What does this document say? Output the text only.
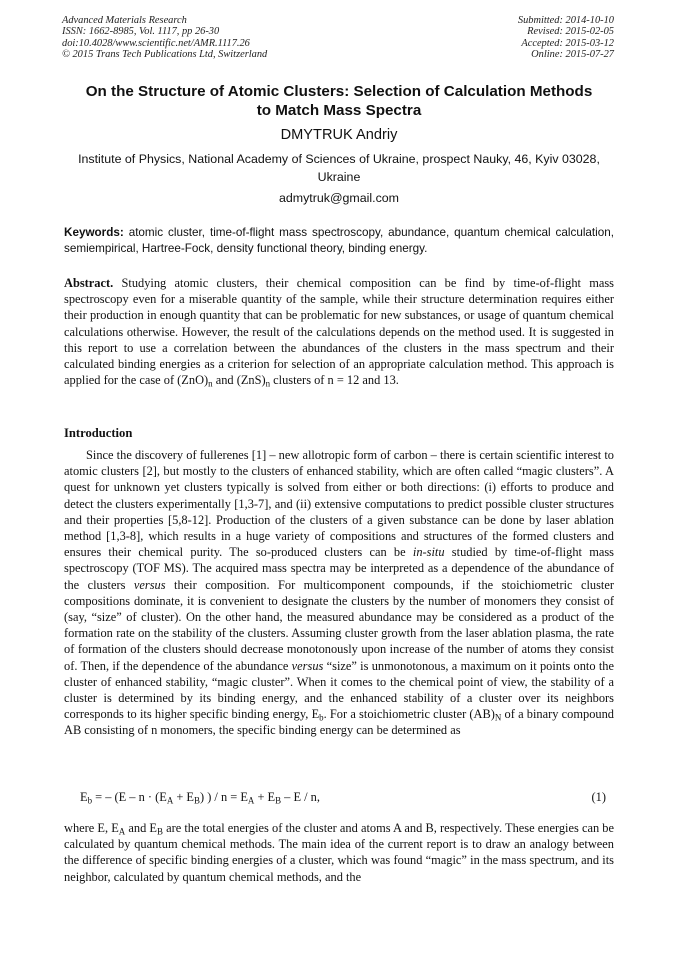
Advanced Materials Research
ISSN: 1662-8985, Vol. 1117, pp 26-30
doi:10.4028/www.scientific.net/AMR.1117.26
© 2015 Trans Tech Publications Ltd, Switzerland
Submitted: 2014-10-10
Revised: 2015-02-05
Accepted: 2015-03-12
Online: 2015-07-27
On the Structure of Atomic Clusters: Selection of Calculation Methods
to Match Mass Spectra
DMYTRUK Andriy
Institute of Physics, National Academy of Sciences of Ukraine, prospect Nauky, 46, Kyiv 03028, Ukraine
admytruk@gmail.com
Keywords: atomic cluster, time-of-flight mass spectroscopy, abundance, quantum chemical calculation, semiempirical, Hartree-Fock, density functional theory, binding energy.
Abstract. Studying atomic clusters, their chemical composition can be find by time-of-flight mass spectroscopy even for a miserable quantity of the sample, while their structure determination requires either their production in enough quantity that can be problematic for new substances, or usage of quantum chemical calculations otherwise. However, the result of the calculations depends on the method used. It is suggested in this report to use a correlation between the abundances of the clusters in the mass spectrum and their calculated binding energies as a criterion for selection of an appropriate calculation method. This approach is applied for the case of $(ZnO)_n$ and $(ZnS)_n$ clusters of n = 12 and 13.
Introduction
Since the discovery of fullerenes [1] – new allotropic form of carbon – there is certain scientific interest to atomic clusters [2], but mostly to the clusters of enhanced stability, which are often called “magic clusters”. A quest for unknown yet clusters typically is solved from either or both directions: (i) efforts to produce and detect the clusters experimentally [1,3-7], and (ii) extensive computations to predict possible cluster structures and their properties [5,8-12]. Production of the clusters of a given substance can be done by laser ablation method [1,3-8], which results in a huge variety of compositions and structures of the formed clusters and ensures their chemical purity. The so-produced clusters can be in-situ studied by time-of-flight mass spectroscopy (TOF MS). The acquired mass spectra may be interpreted as a dependence of the abundance of the clusters versus their composition. For multicomponent compounds, if the stoichiometric cluster compositions dominate, it is convenient to designate the clusters by the number of monomers they consist of (say, “size” of cluster). On the other hand, the measured abundance may be considered as a product of the formation rate on the stability of the clusters. Assuming cluster growth from the laser ablation plasma, the rate of formation of the clusters should decrease monotonously upon increase of the number of atoms they consist of. Then, if the dependence of the abundance versus “size” is unmonotonous, a maximum on it points onto the cluster of enhanced stability, “magic cluster”. When it comes to the chemical point of view, the stability of a cluster is determined by its binding energy, and the enhanced stability of a cluster over its neighbors corresponds to its higher specific binding energy, $E_b$. For a stoichiometric cluster $(AB)_N$ of a binary compound AB consisting of n monomers, the specific binding energy can be determined as
$E_b$ = – ($E - n \cdot (E_A + E_B)$ ) / $n = E_A + E_B - E / n$,	(1)
where E, $E_A$ and $E_B$ are the total energies of the cluster and atoms A and B, respectively. These energies can be calculated by quantum chemical methods. The main idea of the current report is to draw an analogy between the difference of specific binding energies of a cluster, which was found “magic” in the mass spectrum, and its neighbor, calculated by quantum chemical methods, and the
